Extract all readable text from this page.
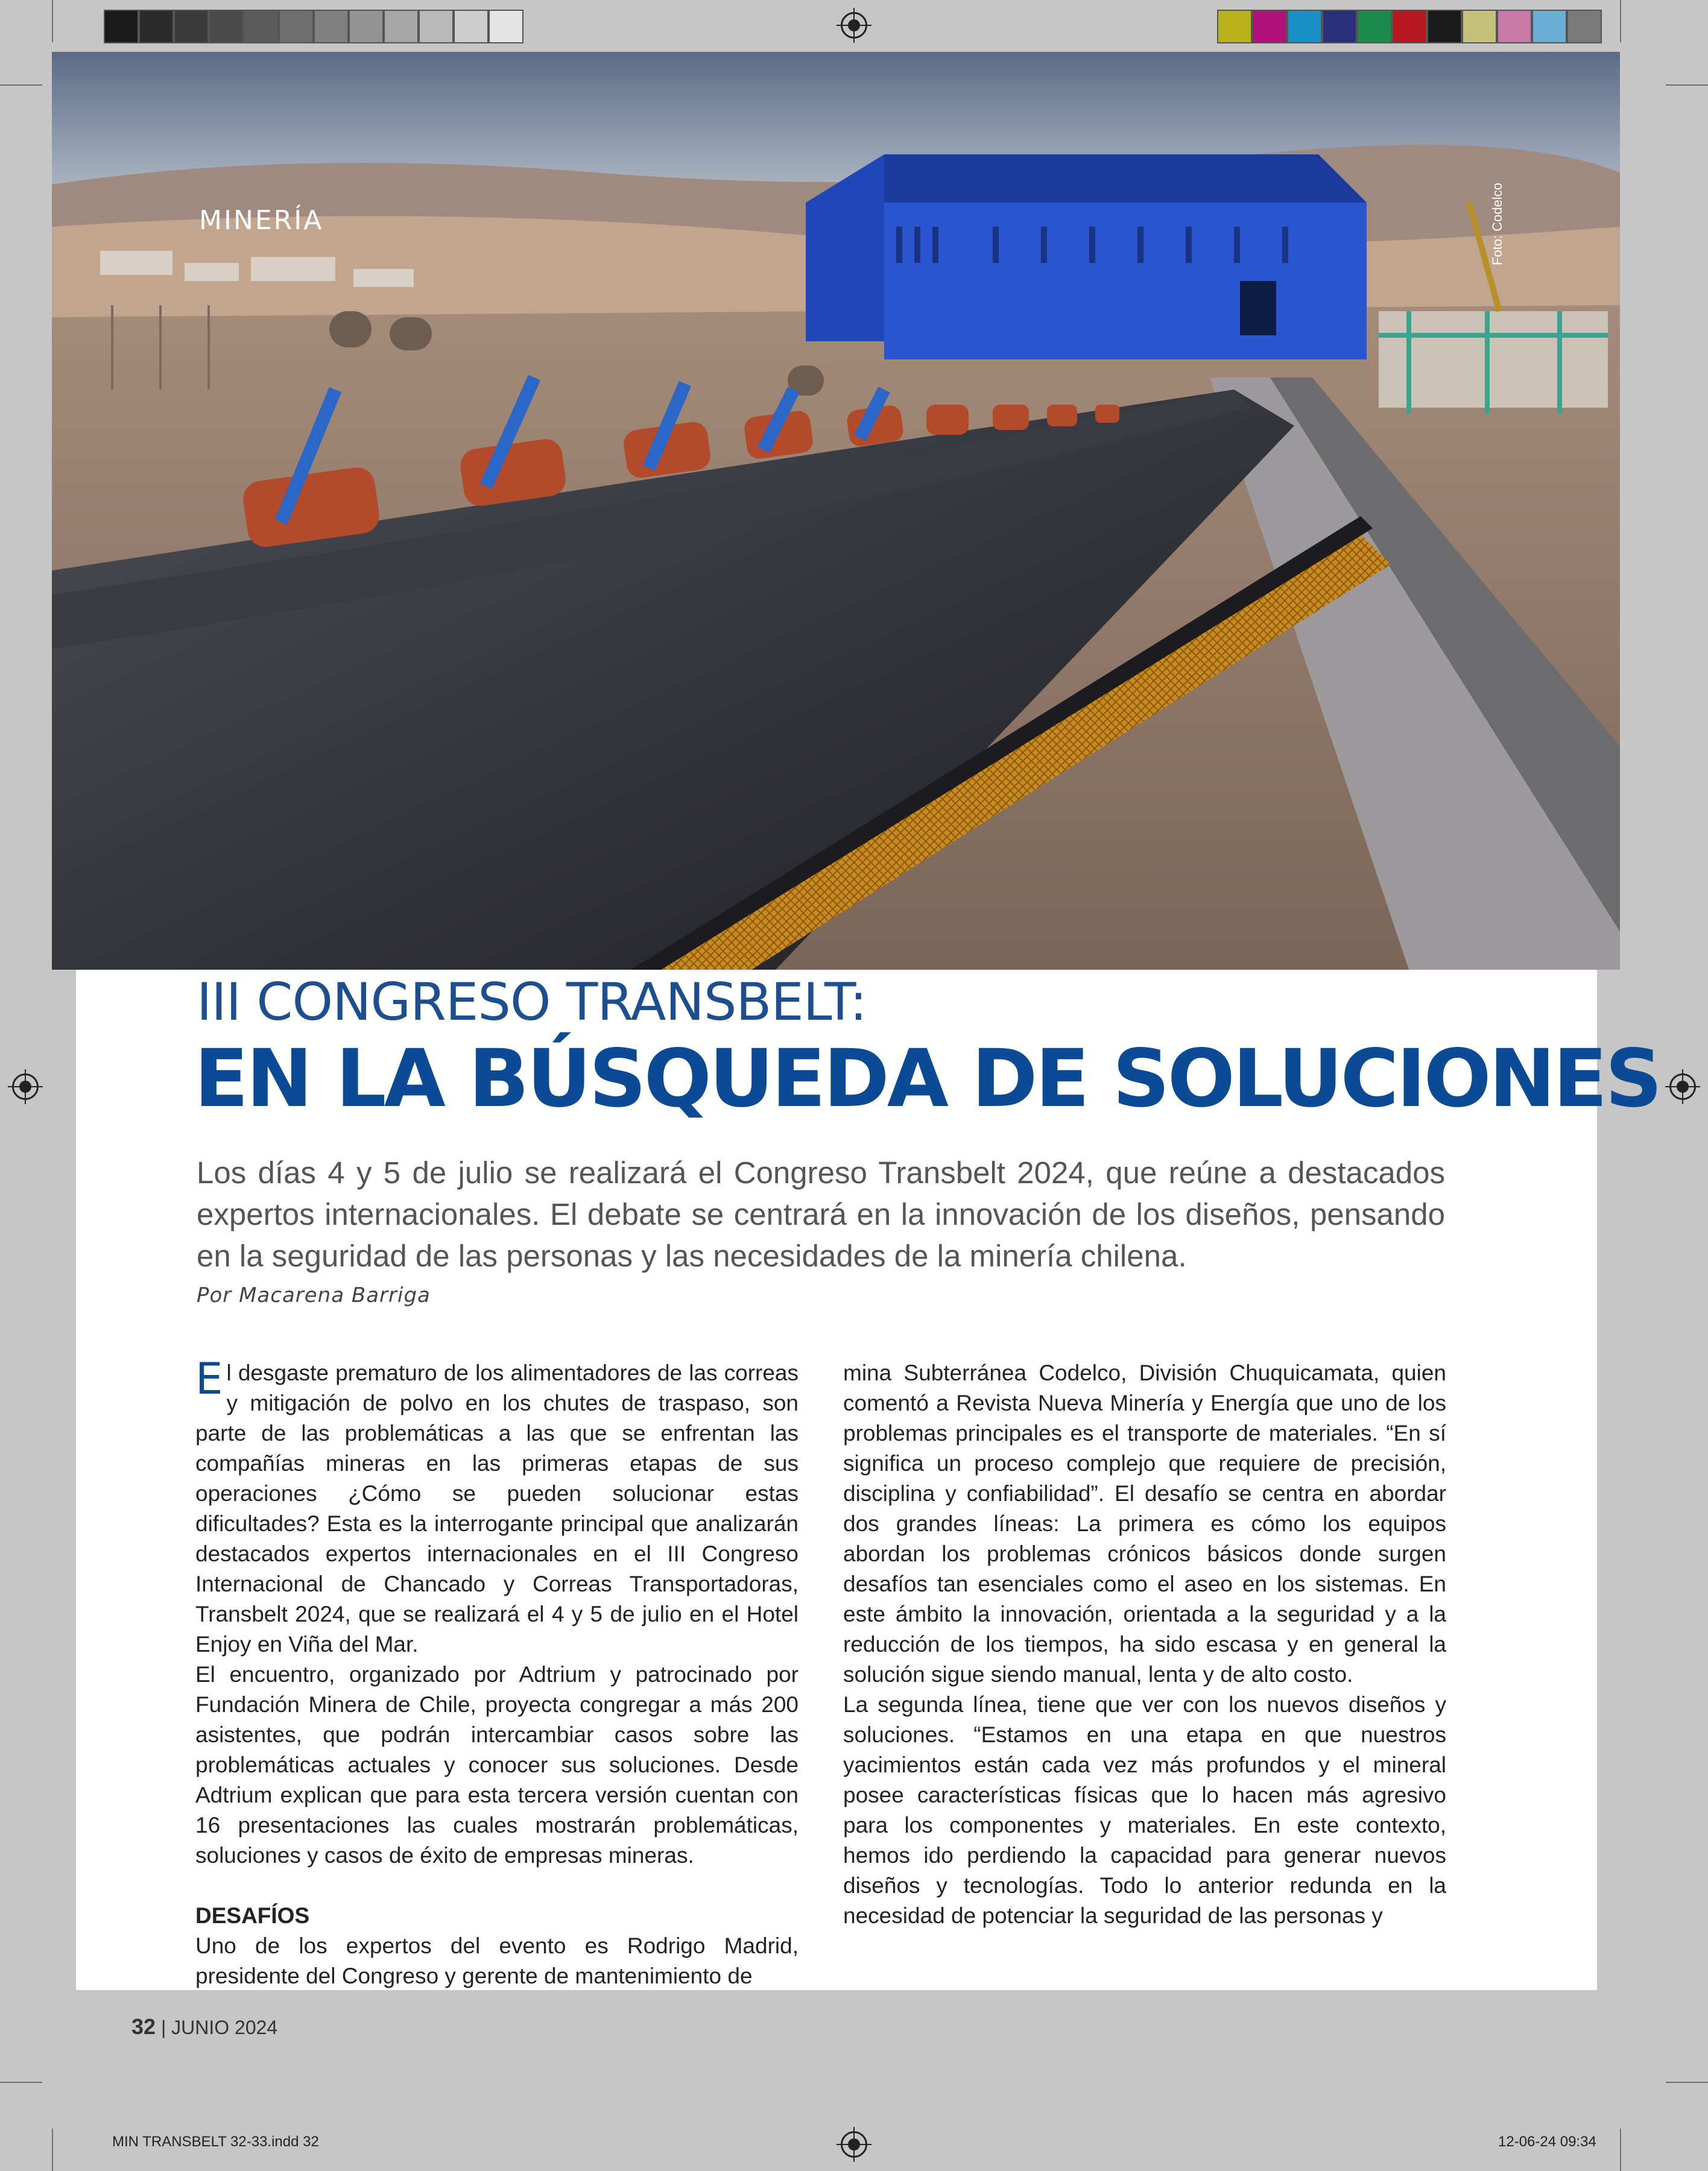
MINERÍA	Foto: Codelco
III CONGRESO TRANSBELT:
EN LA BÚSQUEDA DE SOLUCIONES
Los días 4 y 5 de julio se realizará el Congreso Transbelt 2024, que reúne a destacados expertos internacionales. El debate se centrará en la innovación de los diseños, pensando en la seguridad de las personas y las necesidades de la minería chilena.
Por Macarena Barriga

El desgaste prematuro de los alimentadores de las correas y mitigación de polvo en los chutes de traspaso, son parte de las problemáticas a las que se enfrentan las compañías mineras en las primeras etapas de sus operaciones ¿Cómo se pueden solucionar estas dificultades? Esta es la interrogante principal que analizarán destacados expertos internacionales en el III Congreso Internacional de Chancado y Correas Transportadoras, Transbelt 2024, que se realizará el 4 y 5 de julio en el Hotel Enjoy en Viña del Mar.

El encuentro, organizado por Adtrium y patrocinado por Fundación Minera de Chile, proyecta congregar a más 200 asistentes, que podrán intercambiar casos sobre las problemáticas actuales y conocer sus soluciones. Desde Adtrium explican que para esta tercera versión cuentan con 16 presentaciones las cuales mostrarán problemáticas, soluciones y casos de éxito de empresas mineras.

DESAFÍOS

Uno de los expertos del evento es Rodrigo Madrid, presidente del Congreso y gerente de mantenimiento de

mina Subterránea Codelco, División Chuquicamata, quien comentó a Revista Nueva Minería y Energía que uno de los problemas principales es el transporte de materiales. “En sí significa un proceso complejo que requiere de precisión, disciplina y confiabilidad”. El desafío se centra en abordar dos grandes líneas: La primera es cómo los equipos abordan los problemas crónicos básicos donde surgen desafíos tan esenciales como el aseo en los sistemas. En este ámbito la innovación, orientada a la seguridad y a la reducción de los tiempos, ha sido escasa y en general la solución sigue siendo manual, lenta y de alto costo.

La segunda línea, tiene que ver con los nuevos diseños y soluciones. “Estamos en una etapa en que nuestros yacimientos están cada vez más profundos y el mineral posee características físicas que lo hacen más agresivo para los componentes y materiales. En este contexto, hemos ido perdiendo la capacidad para generar nuevos diseños y tecnologías. Todo lo anterior redunda en la necesidad de potenciar la seguridad de las personas y

32 | JUNIO 2024
MIN TRANSBELT 32-33.indd 32	12-06-24 09:34
